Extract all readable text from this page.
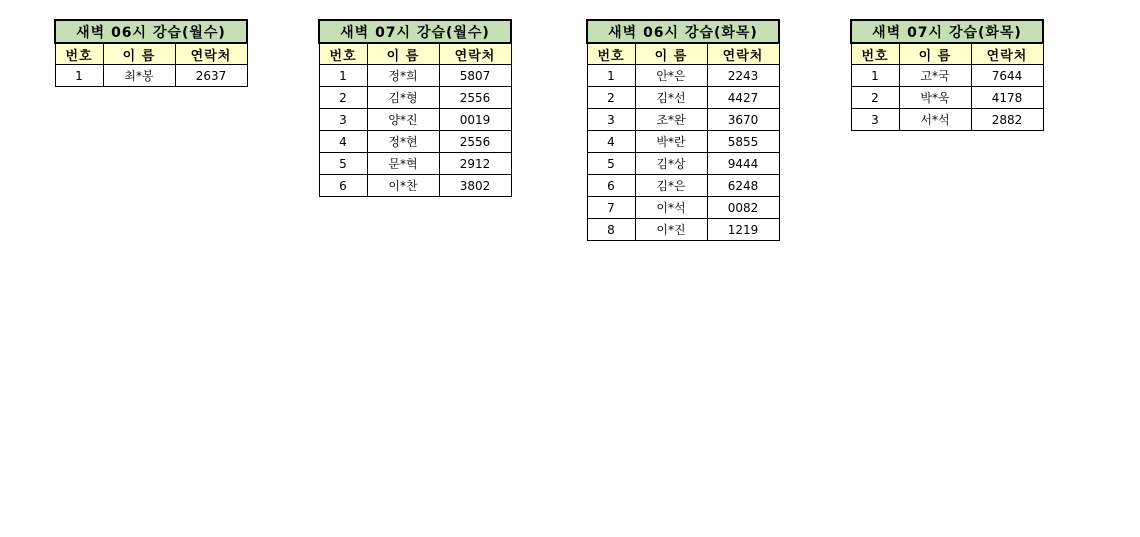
새벽 06시 강습(월수)		
번호	이 름	연락처
1	최*봉	2637
새벽 07시 강습(월수)		
번호	이 름	연락처
1	정*희	5807
2	김*형	2556
3	양*진	0019
4	정*현	2556
5	문*혁	2912
6	이*찬	3802
새벽 06시 강습(화목)		
번호	이 름	연락처
1	안*은	2243
2	김*선	4427
3	조*완	3670
4	박*란	5855
5	김*상	9444
6	김*은	6248
7	이*석	0082
8	이*진	1219
새벽 07시 강습(화목)		
번호	이 름	연락처
1	고*국	7644
2	박*욱	4178
3	서*석	2882
